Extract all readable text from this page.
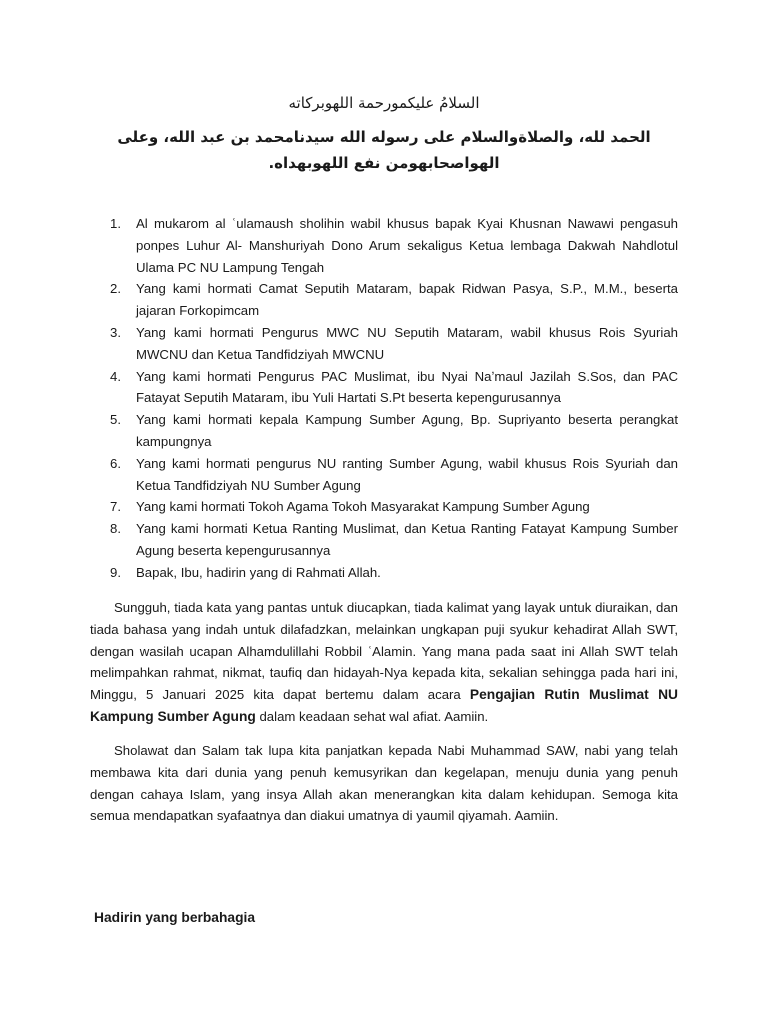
السلامُ عليكمورحمة اللهوبركاته
الحمد لله، والصلاةوالسلام على رسوله الله سيدنامحمد بن عبد الله، وعلى الهواصحابهومن نفع اللهوبهداه.
1. Al mukarom al ʿulamaush sholihin wabil khusus bapak Kyai Khusnan Nawawi pengasuh ponpes Luhur Al- Manshuriyah Dono Arum sekaligus Ketua lembaga Dakwah Nahdlotul Ulama PC NU Lampung Tengah
2. Yang kami hormati Camat Seputih Mataram, bapak Ridwan Pasya, S.P., M.M., beserta jajaran Forkopimcam
3. Yang kami hormati Pengurus MWC NU Seputih Mataram, wabil khusus Rois Syuriah MWCNU dan Ketua Tandfidziyah MWCNU
4. Yang kami hormati Pengurus PAC Muslimat, ibu Nyai Naʼmaul Jazilah S.Sos, dan PAC Fatayat Seputih Mataram, ibu Yuli Hartati S.Pt beserta kepengurusannya
5. Yang kami hormati kepala Kampung Sumber Agung, Bp. Supriyanto beserta perangkat kampungnya
6. Yang kami hormati pengurus NU ranting Sumber Agung, wabil khusus Rois Syuriah dan Ketua Tandfidziyah NU Sumber Agung
7. Yang kami hormati Tokoh Agama Tokoh Masyarakat Kampung Sumber Agung
8. Yang kami hormati Ketua Ranting Muslimat, dan Ketua Ranting Fatayat Kampung Sumber Agung beserta kepengurusannya
9. Bapak, Ibu, hadirin yang di Rahmati Allah.

Sungguh, tiada kata yang pantas untuk diucapkan, tiada kalimat yang layak untuk diuraikan, dan tiada bahasa yang indah untuk dilafadzkan, melainkan ungkapan puji syukur kehadirat Allah SWT, dengan wasilah ucapan Alhamdulillahi Robbil ʿAlamin. Yang mana pada saat ini Allah SWT telah melimpahkan rahmat, nikmat, taufiq dan hidayah-Nya kepada kita, sekalian sehingga pada hari ini, Minggu, 5 Januari 2025 kita dapat bertemu dalam acara Pengajian Rutin Muslimat NU Kampung Sumber Agung dalam keadaan sehat wal afiat. Aamiin.

Sholawat dan Salam tak lupa kita panjatkan kepada Nabi Muhammad SAW, nabi yang telah membawa kita dari dunia yang penuh kemusyrikan dan kegelapan, menuju dunia yang penuh dengan cahaya Islam, yang insya Allah akan menerangkan kita dalam kehidupan. Semoga kita semua mendapatkan syafaatnya dan diakui umatnya di yaumil qiyamah. Aamiin.

Hadirin yang berbahagia
